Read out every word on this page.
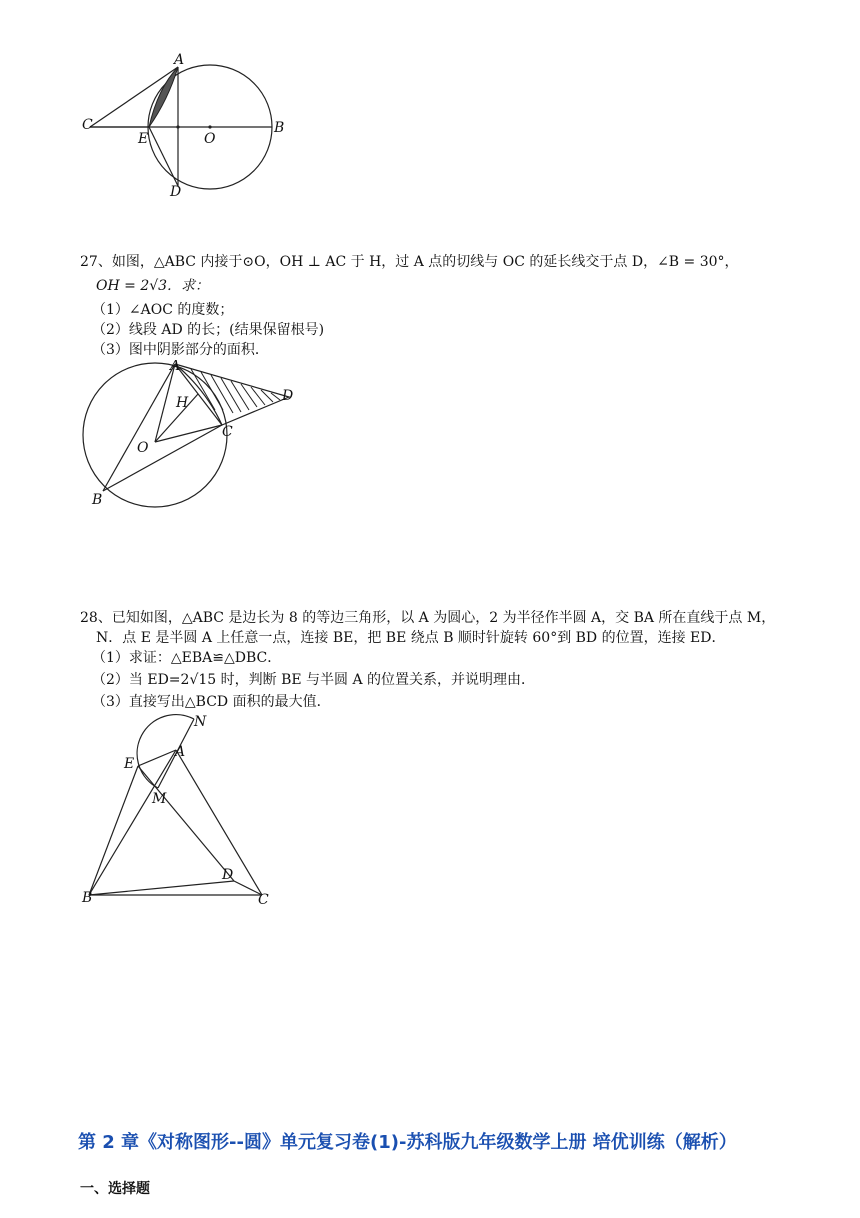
A
B
C
E	O
D
27、如图，△ABC 内接于⊙O，OH ⊥ AC 于 H，过 A 点的切线与 OC 的延长线交于点 D，∠B = 30°，
OH = 2√3．求：
（1）∠AOC 的度数；
（2）线段 AD 的长；(结果保留根号)
（3）图中阴影部分的面积．
A
H	D
C
O
B
28、已知如图，△ABC 是边长为 8 的等边三角形，以 A 为圆心，2 为半径作半圆 A，交 BA 所在直线于点 M，
N．点 E 是半圆 A 上任意一点，连接 BE，把 BE 绕点 B 顺时针旋转 60°到 BD 的位置，连接 ED．
（1）求证：△EBA≌△DBC．
（2）当 ED=2√15 时，判断 BE 与半圆 A 的位置关系，并说明理由．
（3）直接写出△BCD 面积的最大值．
N
A
E
M
D
B	C
第 2 章《对称图形--圆》单元复习卷(1)-苏科版九年级数学上册 培优训练（解析）
一、选择题
